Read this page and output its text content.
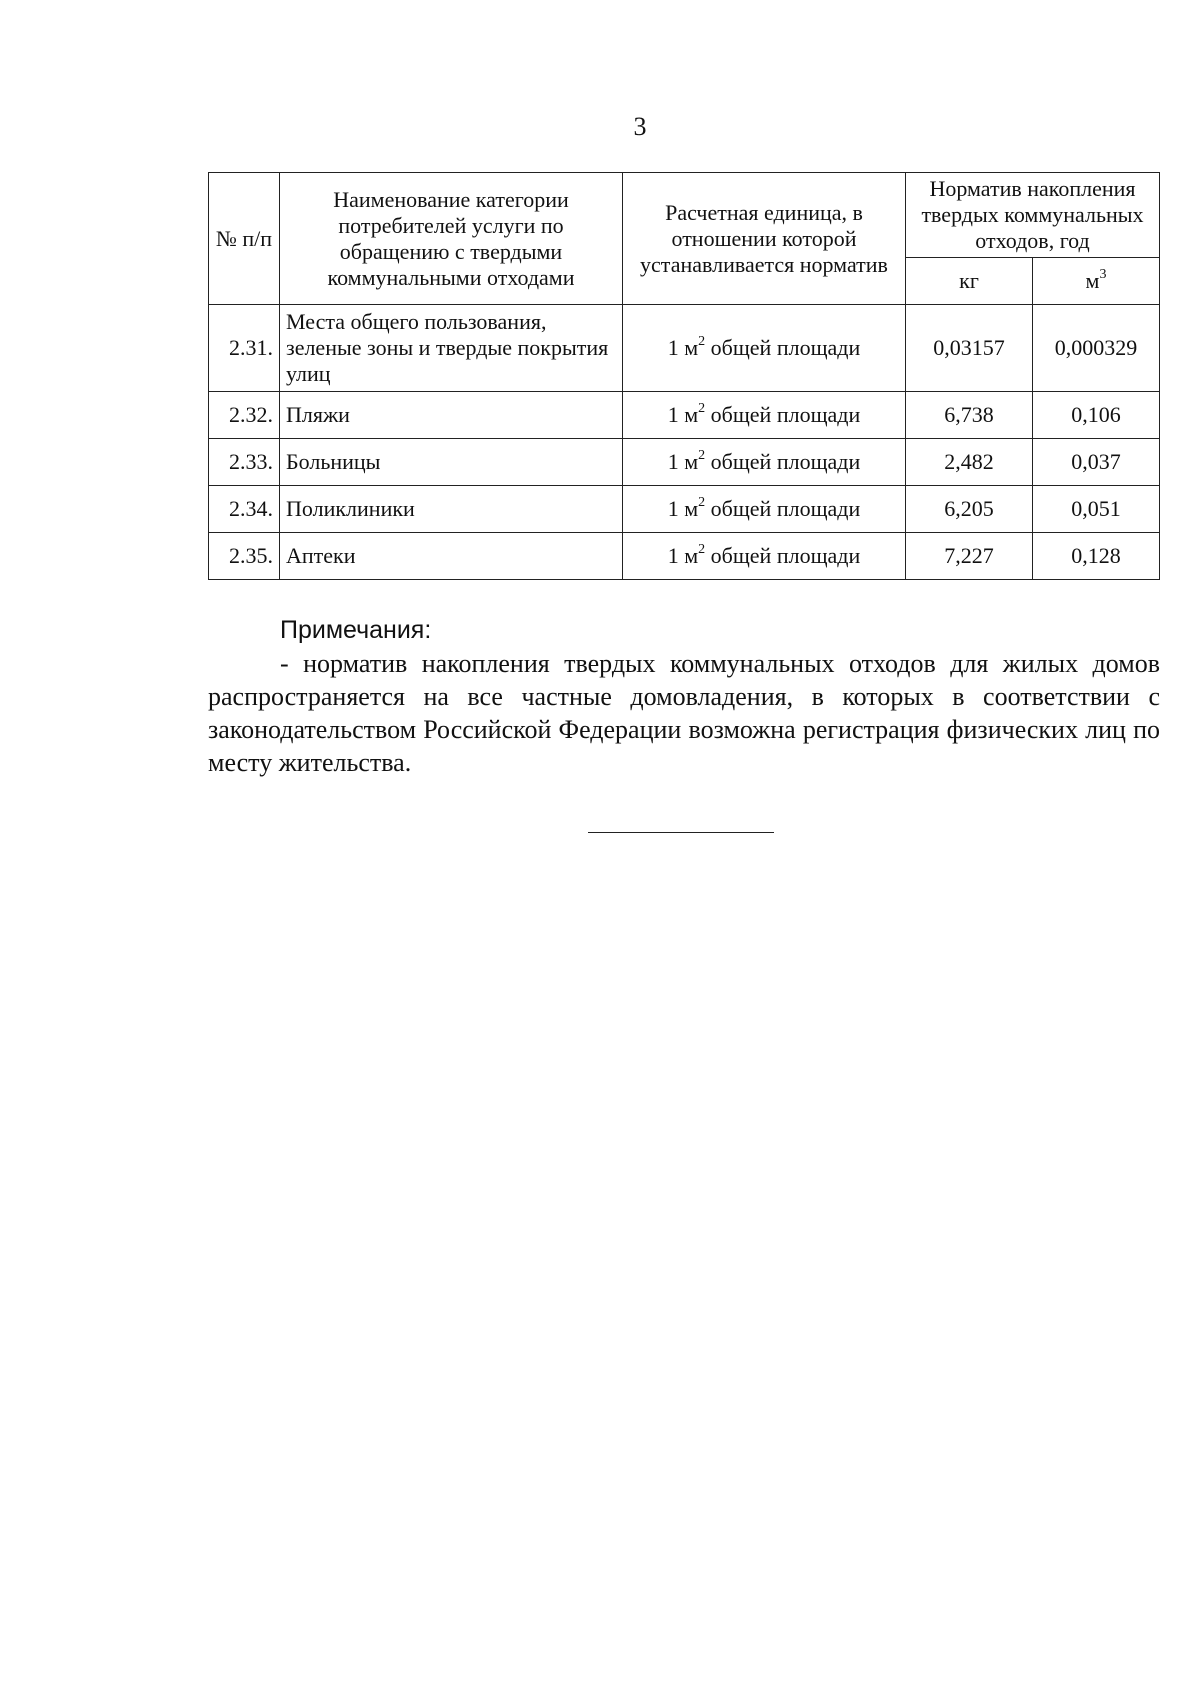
3
№ п/п	Наименование категории потребителей услуги по обращению с твердыми коммунальными отходами	Расчетная единица, в отношении которой устанавливается норматив	Норматив накопления твердых коммунальных отходов, год	
			кг	$м^3$
2.31.	Места общего пользования, зеленые зоны и твердые покрытия улиц	1 $м^2$ общей площади	0,03157	0,000329
2.32.	Пляжи	1 $м^2$ общей площади	6,738	0,106
2.33.	Больницы	1 $м^2$ общей площади	2,482	0,037
2.34.	Поликлиники	1 $м^2$ общей площади	6,205	0,051
2.35.	Аптеки	1 $м^2$ общей площади	7,227	0,128

Примечания:

- норматив накопления твердых коммунальных отходов для жилых домов распространяется на все частные домовладения, в которых в соответствии с законодательством Российской Федерации возможна регистрация физических лиц по месту жительства.
